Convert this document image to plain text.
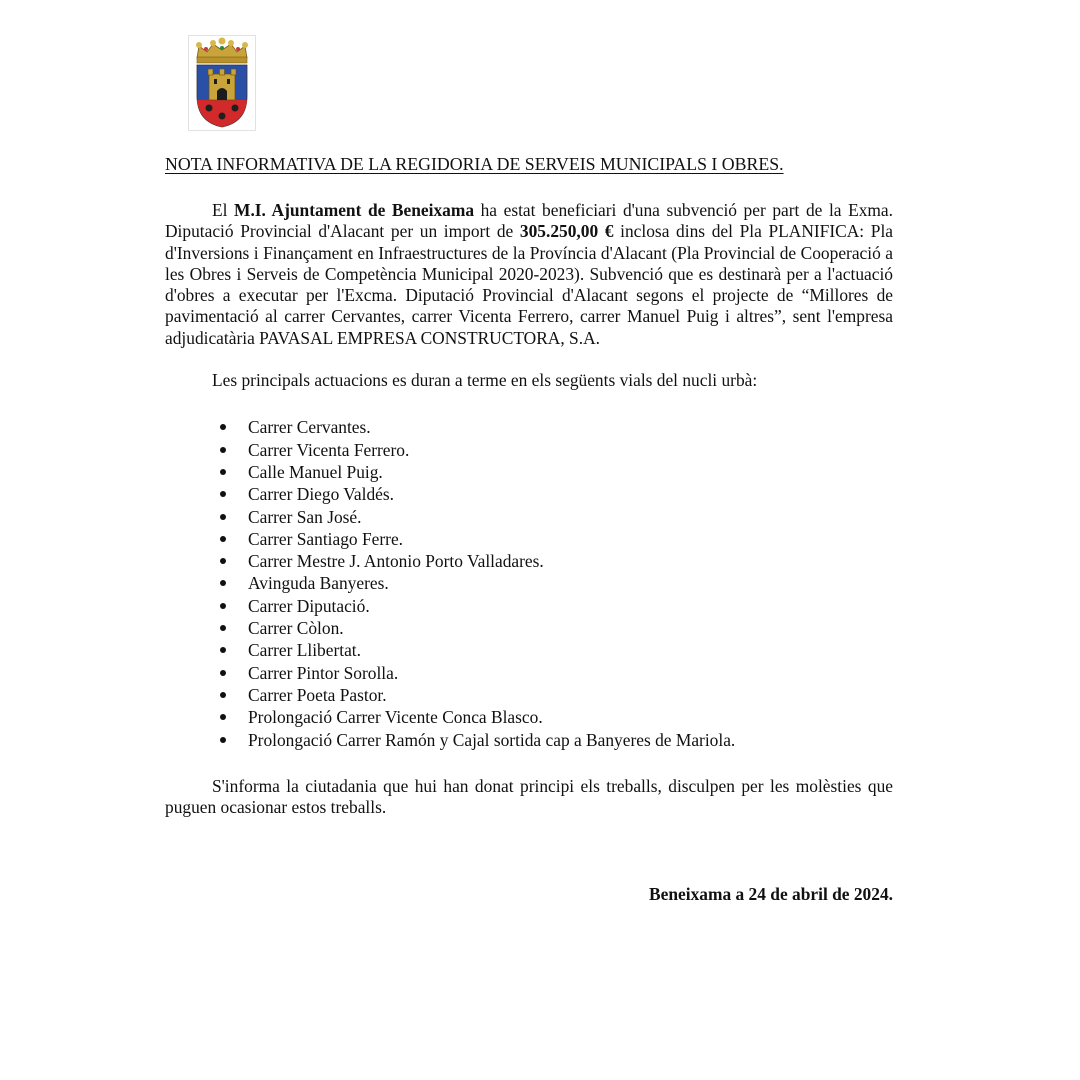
NOTA INFORMATIVA DE LA REGIDORIA DE SERVEIS MUNICIPALS I OBRES.

El M.I. Ajuntament de Beneixama ha estat beneficiari d'una subvenció per part de la Exma. Diputació Provincial d'Alacant per un import de 305.250,00 € inclosa dins del Pla PLANIFICA: Pla d'Inversions i Finançament en Infraestructures de la Província d'Alacant (Pla Provincial de Cooperació a les Obres i Serveis de Competència Municipal 2020-2023). Subvenció que es destinarà per a l'actuació d'obres a executar per l'Excma. Diputació Provincial d'Alacant segons el projecte de “Millores de pavimentació al carrer Cervantes, carrer Vicenta Ferrero, carrer Manuel Puig i altres”, sent l'empresa adjudicatària PAVASAL EMPRESA CONSTRUCTORA, S.A.

Les principals actuacions es duran a terme en els següents vials del nucli urbà:

Carrer Cervantes.
Carrer Vicenta Ferrero.
Calle Manuel Puig.
Carrer Diego Valdés.
Carrer San José.
Carrer Santiago Ferre.
Carrer Mestre J. Antonio Porto Valladares.
Avinguda Banyeres.
Carrer Diputació.
Carrer Còlon.
Carrer Llibertat.
Carrer Pintor Sorolla.
Carrer Poeta Pastor.
Prolongació Carrer Vicente Conca Blasco.
Prolongació Carrer Ramón y Cajal sortida cap a Banyeres de Mariola.

S'informa la ciutadania que hui han donat principi els treballs, disculpen per les molèsties que puguen ocasionar estos treballs.

Beneixama a 24 de abril de 2024.
